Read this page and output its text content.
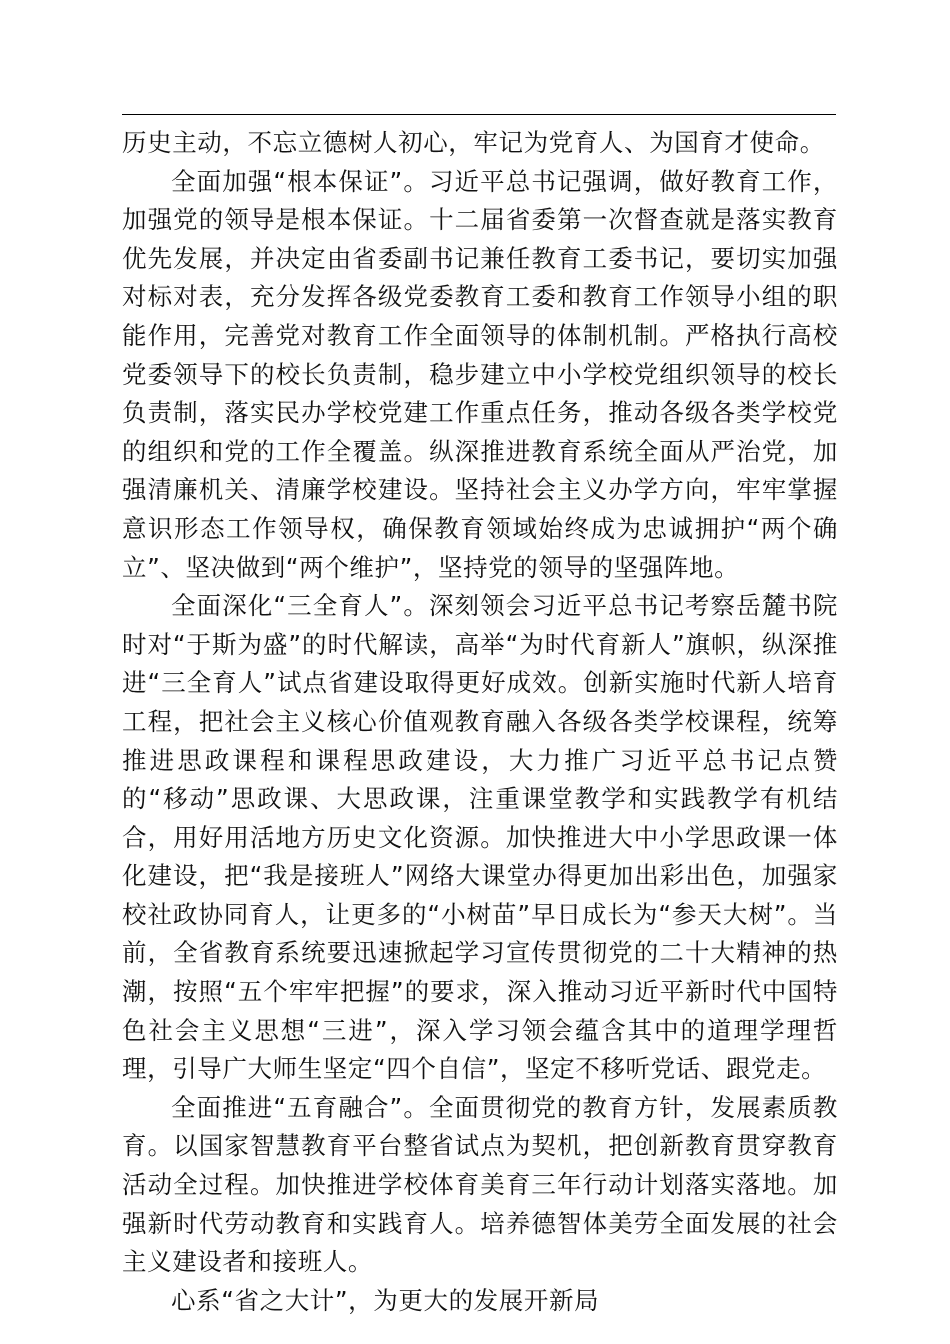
历史主动，不忘立德树人初心，牢记为党育人、为国育才使命。

全面加强“根本保证”。习近平总书记强调，做好教育工作，加强党的领导是根本保证。十二届省委第一次督查就是落实教育优先发展，并决定由省委副书记兼任教育工委书记，要切实加强对标对表，充分发挥各级党委教育工委和教育工作领导小组的职能作用，完善党对教育工作全面领导的体制机制。严格执行高校党委领导下的校长负责制，稳步建立中小学校党组织领导的校长负责制，落实民办学校党建工作重点任务，推动各级各类学校党的组织和党的工作全覆盖。纵深推进教育系统全面从严治党，加强清廉机关、清廉学校建设。坚持社会主义办学方向，牢牢掌握意识形态工作领导权，确保教育领域始终成为忠诚拥护“两个确立”、坚决做到“两个维护”，坚持党的领导的坚强阵地。

全面深化“三全育人”。深刻领会习近平总书记考察岳麓书院时对“于斯为盛”的时代解读，高举“为时代育新人”旗帜，纵深推进“三全育人”试点省建设取得更好成效。创新实施时代新人培育工程，把社会主义核心价值观教育融入各级各类学校课程，统筹推进思政课程和课程思政建设，大力推广习近平总书记点赞的“移动”思政课、大思政课，注重课堂教学和实践教学有机结合，用好用活地方历史文化资源。加快推进大中小学思政课一体化建设，把“我是接班人”网络大课堂办得更加出彩出色，加强家校社政协同育人，让更多的“小树苗”早日成长为“参天大树”。当前，全省教育系统要迅速掀起学习宣传贯彻党的二十大精神的热潮，按照“五个牢牢把握”的要求，深入推动习近平新时代中国特色社会主义思想“三进”，深入学习领会蕴含其中的道理学理哲理，引导广大师生坚定“四个自信”，坚定不移听党话、跟党走。

全面推进“五育融合”。全面贯彻党的教育方针，发展素质教育。以国家智慧教育平台整省试点为契机，把创新教育贯穿教育活动全过程。加快推进学校体育美育三年行动计划落实落地。加强新时代劳动教育和实践育人。培养德智体美劳全面发展的社会主义建设者和接班人。

心系“省之大计”，为更大的发展开新局
